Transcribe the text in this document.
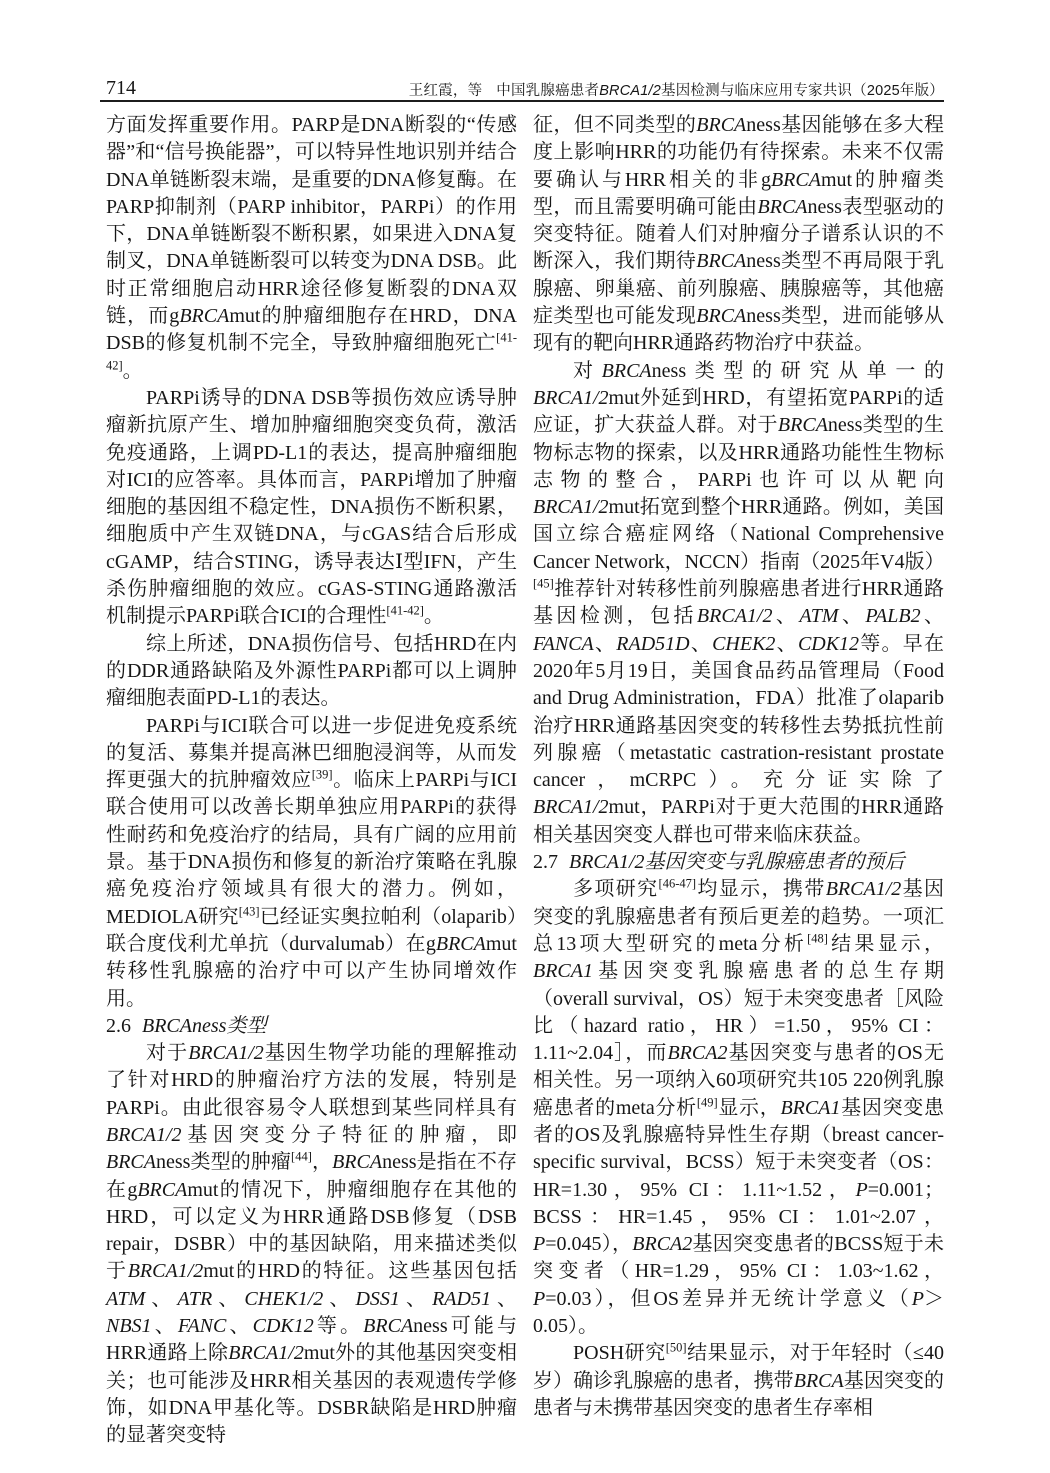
714	王红霞，等 中国乳腺癌患者BRCA1/2基因检测与临床应用专家共识（2025年版）

方面发挥重要作用。PARP是DNA断裂的“传感器”和“信号换能器”，可以特异性地识别并结合DNA单链断裂末端，是重要的DNA修复酶。在PARP抑制剂（PARP inhibitor，PARPi）的作用下，DNA单链断裂不断积累，如果进入DNA复制叉，DNA单链断裂可以转变为DNA DSB。此时正常细胞启动HRR途径修复断裂的DNA双链，而gBRCAmut的肿瘤细胞存在HRD，DNA DSB的修复机制不完全，导致肿瘤细胞死亡[41-42]。

PARPi诱导的DNA DSB等损伤效应诱导肿瘤新抗原产生、增加肿瘤细胞突变负荷，激活免疫通路，上调PD-L1的表达，提高肿瘤细胞对ICI的应答率。具体而言，PARPi增加了肿瘤细胞的基因组不稳定性，DNA损伤不断积累，细胞质中产生双链DNA，与cGAS结合后形成cGAMP，结合STING，诱导表达Ⅰ型IFN，产生杀伤肿瘤细胞的效应。cGAS-STING通路激活机制提示PARPi联合ICI的合理性[41-42]。

综上所述，DNA损伤信号、包括HRD在内的DDR通路缺陷及外源性PARPi都可以上调肿瘤细胞表面PD-L1的表达。

PARPi与ICI联合可以进一步促进免疫系统的复活、募集并提高淋巴细胞浸润等，从而发挥更强大的抗肿瘤效应[39]。临床上PARPi与ICI联合使用可以改善长期单独应用PARPi的获得性耐药和免疫治疗的结局，具有广阔的应用前景。基于DNA损伤和修复的新治疗策略在乳腺癌免疫治疗领域具有很大的潜力。例如，MEDIOLA研究[43]已经证实奥拉帕利（olaparib）联合度伐利尤单抗（durvalumab）在gBRCAmut转移性乳腺癌的治疗中可以产生协同增效作用。

2.6 BRCAness类型

对于BRCA1/2基因生物学功能的理解推动了针对HRD的肿瘤治疗方法的发展，特别是PARPi。由此很容易令人联想到某些同样具有BRCA1/2基因突变分子特征的肿瘤，即BRCAness类型的肿瘤[44]，BRCAness是指在不存在gBRCAmut的情况下，肿瘤细胞存在其他的HRD，可以定义为HRR通路DSB修复（DSB repair，DSBR）中的基因缺陷，用来描述类似于BRCA1/2mut的HRD的特征。这些基因包括ATM、ATR、CHEK1/2、DSS1、RAD51、NBS1、FANC、CDK12等。BRCAness可能与HRR通路上除BRCA1/2mut外的其他基因突变相关；也可能涉及HRR相关基因的表观遗传学修饰，如DNA甲基化等。DSBR缺陷是HRD肿瘤的显著突变特

征，但不同类型的BRCAness基因能够在多大程度上影响HRR的功能仍有待探索。未来不仅需要确认与HRR相关的非gBRCAmut的肿瘤类型，而且需要明确可能由BRCAness表型驱动的突变特征。随着人们对肿瘤分子谱系认识的不断深入，我们期待BRCAness类型不再局限于乳腺癌、卵巢癌、前列腺癌、胰腺癌等，其他癌症类型也可能发现BRCAness类型，进而能够从现有的靶向HRR通路药物治疗中获益。

对BRCAness类型的研究从单一的BRCA1/2mut外延到HRD，有望拓宽PARPi的适应证，扩大获益人群。对于BRCAness类型的生物标志物的探索，以及HRR通路功能性生物标志物的整合，PARPi也许可以从靶向BRCA1/2mut拓宽到整个HRR通路。例如，美国国立综合癌症网络（National Comprehensive Cancer Network，NCCN）指南（2025年V4版）[45]推荐针对转移性前列腺癌患者进行HRR通路基因检测，包括BRCA1/2、ATM、PALB2、FANCA、RAD51D、CHEK2、CDK12等。早在2020年5月19日，美国食品药品管理局（Food and Drug Administration，FDA）批准了olaparib治疗HRR通路基因突变的转移性去势抵抗性前列腺癌（metastatic castration-resistant prostate cancer，mCRPC）。充分证实除了BRCA1/2mut，PARPi对于更大范围的HRR通路相关基因突变人群也可带来临床获益。

2.7 BRCA1/2基因突变与乳腺癌患者的预后

多项研究[46-47]均显示，携带BRCA1/2基因突变的乳腺癌患者有预后更差的趋势。一项汇总13项大型研究的meta分析[48]结果显示，BRCA1基因突变乳腺癌患者的总生存期（overall survival，OS）短于未突变患者［风险比（hazard ratio，HR）=1.50，95% CI：1.11~2.04］，而BRCA2基因突变与患者的OS无相关性。另一项纳入60项研究共105 220例乳腺癌患者的meta分析[49]显示，BRCA1基因突变患者的OS及乳腺癌特异性生存期（breast cancer-specific survival，BCSS）短于未突变者（OS：HR=1.30，95% CI：1.11~1.52，P=0.001；BCSS：HR=1.45，95% CI：1.01~2.07，P=0.045），BRCA2基因突变患者的BCSS短于未突变者（HR=1.29，95% CI：1.03~1.62，P=0.03），但OS差异并无统计学意义（P＞0.05）。

POSH研究[50]结果显示，对于年轻时（≤40岁）确诊乳腺癌的患者，携带BRCA基因突变的患者与未携带基因突变的患者生存率相
